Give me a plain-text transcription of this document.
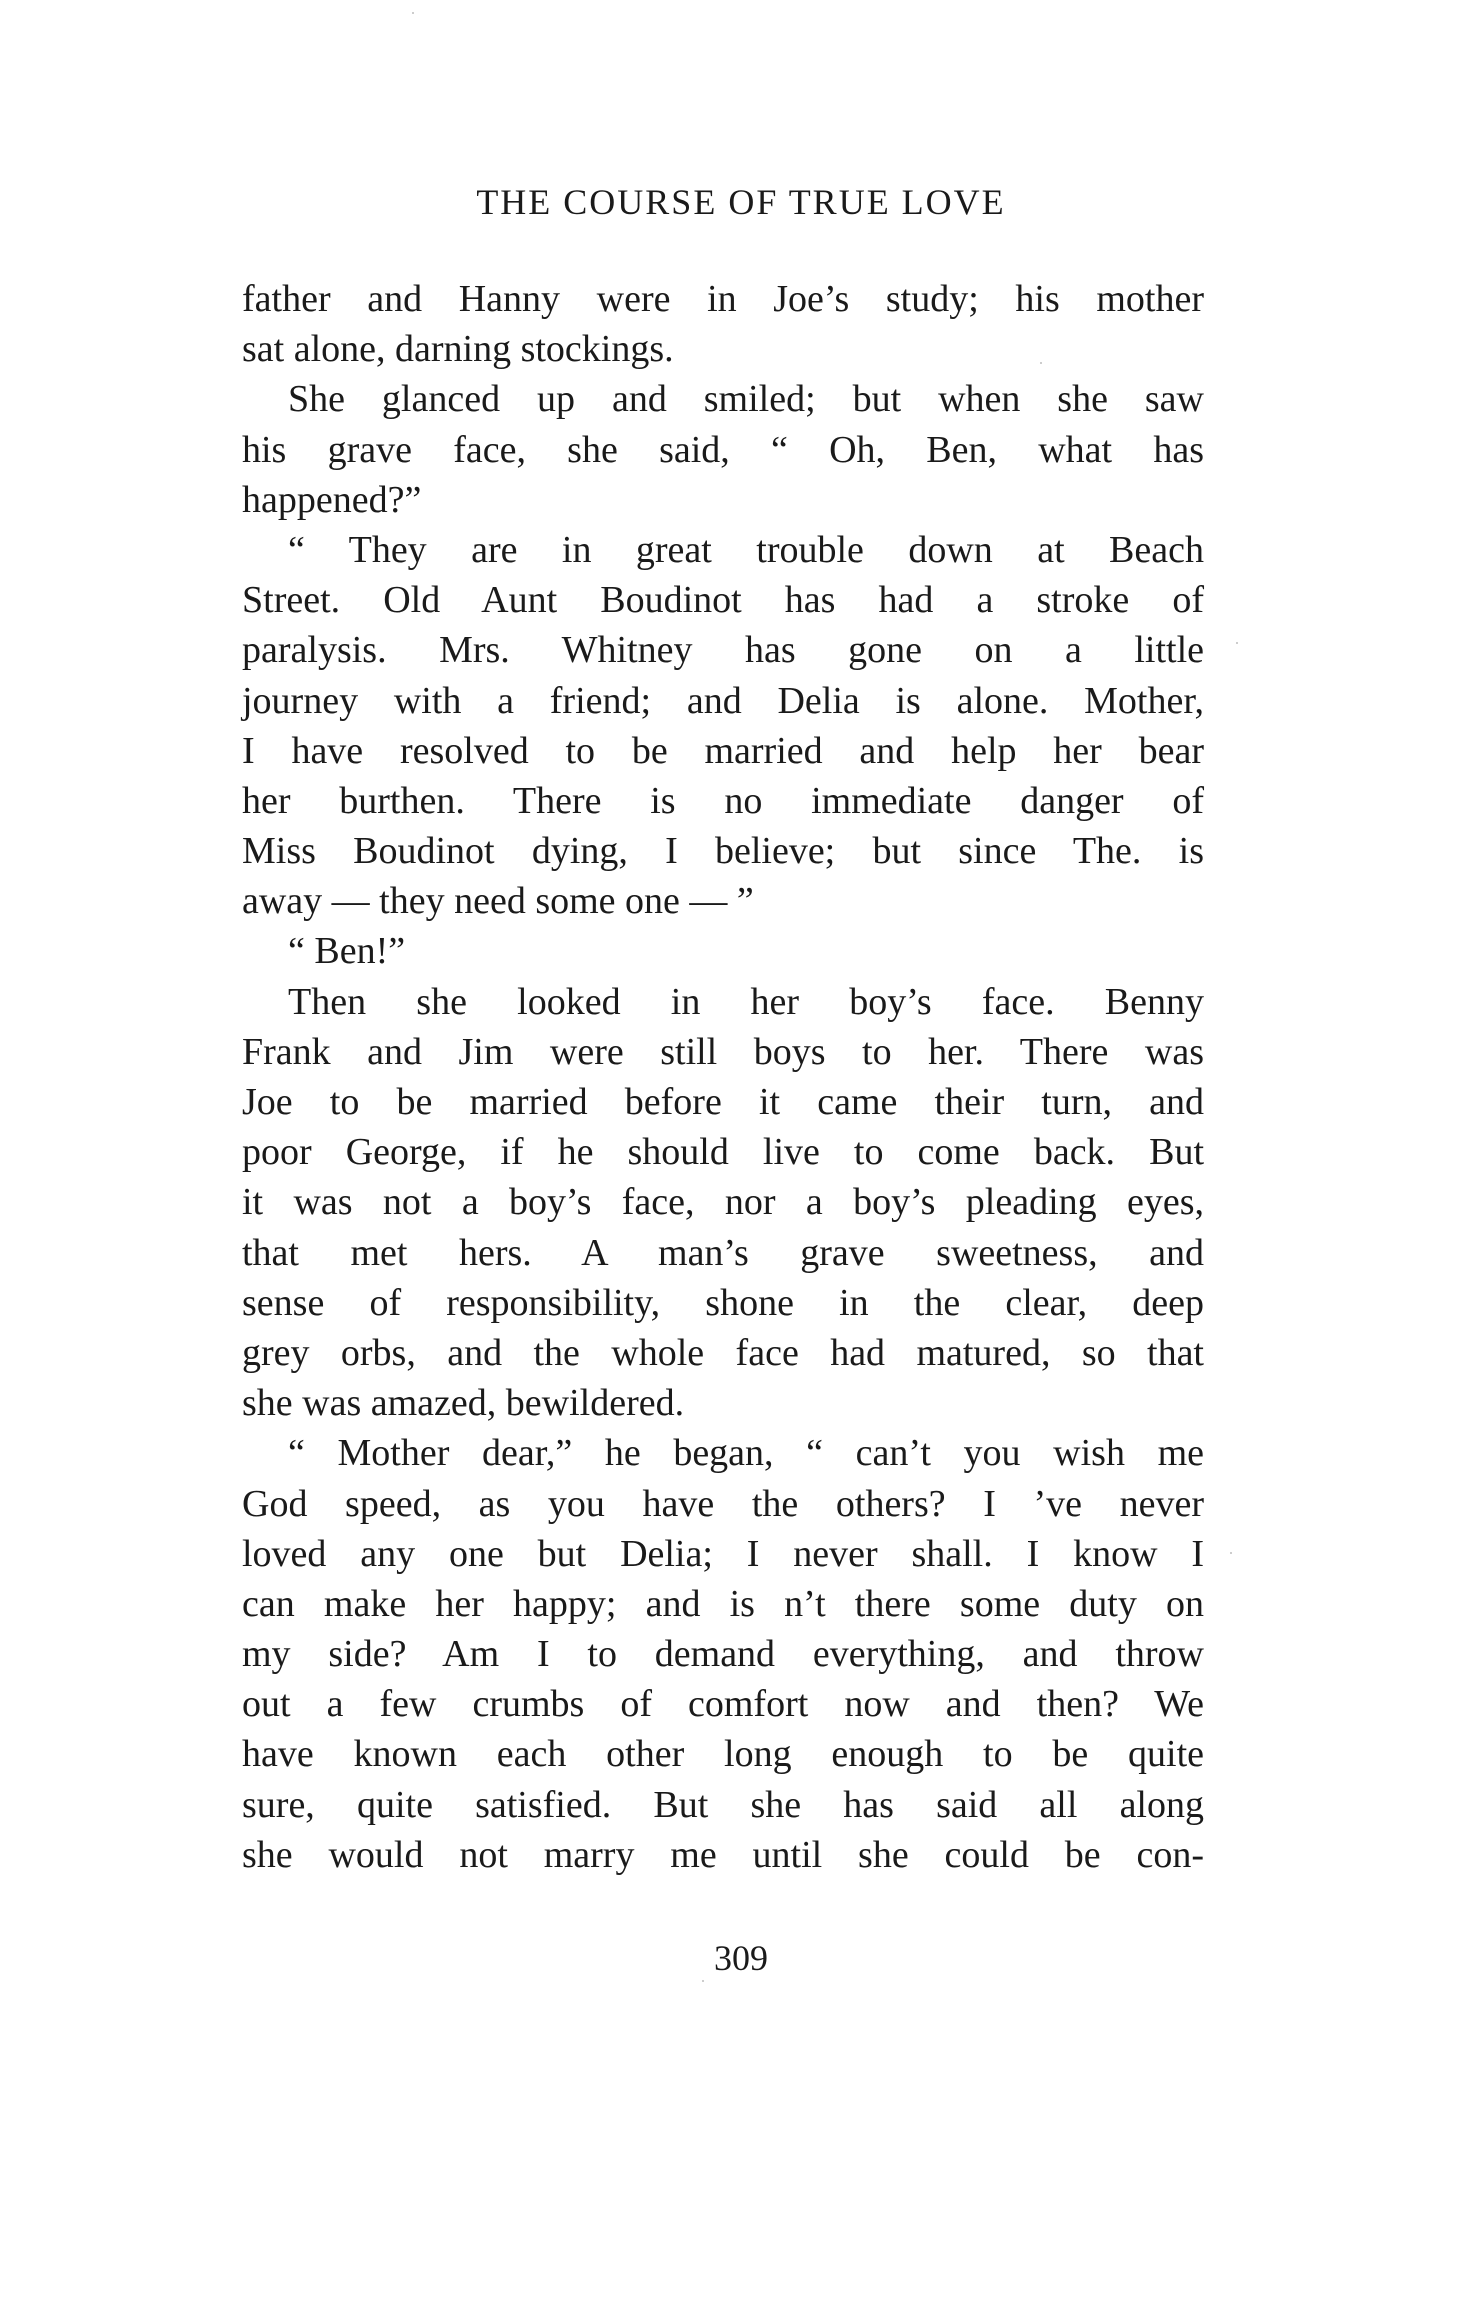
THE COURSE OF TRUE LOVE
father and Hanny were in Joe’s study; his mother
sat alone, darning stockings.
She glanced up and smiled; but when she saw
his grave face, she said, “ Oh, Ben, what has
happened?”
“ They are in great trouble down at Beach
Street. Old Aunt Boudinot has had a stroke of
paralysis. Mrs. Whitney has gone on a little
journey with a friend; and Delia is alone. Mother,
I have resolved to be married and help her bear
her burthen. There is no immediate danger of
Miss Boudinot dying, I believe; but since The. is
away — they need some one — ”
“ Ben!”
Then she looked in her boy’s face. Benny
Frank and Jim were still boys to her. There was
Joe to be married before it came their turn, and
poor George, if he should live to come back. But
it was not a boy’s face, nor a boy’s pleading eyes,
that met hers. A man’s grave sweetness, and
sense of responsibility, shone in the clear, deep
grey orbs, and the whole face had matured, so that
she was amazed, bewildered.
“ Mother dear,” he began, “ can’t you wish me
God speed, as you have the others? I ’ve never
loved any one but Delia; I never shall. I know I
can make her happy; and is n’t there some duty on
my side? Am I to demand everything, and throw
out a few crumbs of comfort now and then? We
have known each other long enough to be quite
sure, quite satisfied. But she has said all along
she would not marry me until she could be con-
309
